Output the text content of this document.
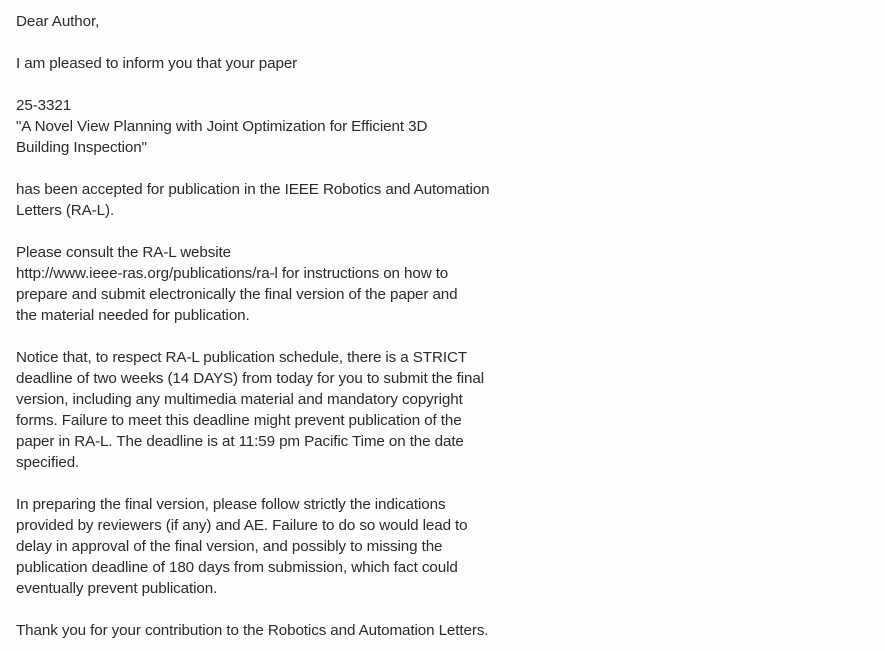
Dear Author,
I am pleased to inform you that your paper
25-3321
"A Novel View Planning with Joint Optimization for Efficient 3D
Building Inspection"
has been accepted for publication in the IEEE Robotics and Automation
Letters (RA-L).
Please consult the RA-L website
http://www.ieee-ras.org/publications/ra-l for instructions on how to
prepare and submit electronically the final version of the paper and
the material needed for publication.
Notice that, to respect RA-L publication schedule, there is a STRICT
deadline of two weeks (14 DAYS) from today for you to submit the final
version, including any multimedia material and mandatory copyright
forms. Failure to meet this deadline might prevent publication of the
paper in RA-L. The deadline is at 11:59 pm Pacific Time on the date
specified.
In preparing the final version, please follow strictly the indications
provided by reviewers (if any) and AE. Failure to do so would lead to
delay in approval of the final version, and possibly to missing the
publication deadline of 180 days from submission, which fact could
eventually prevent publication.
Thank you for your contribution to the Robotics and Automation Letters.
